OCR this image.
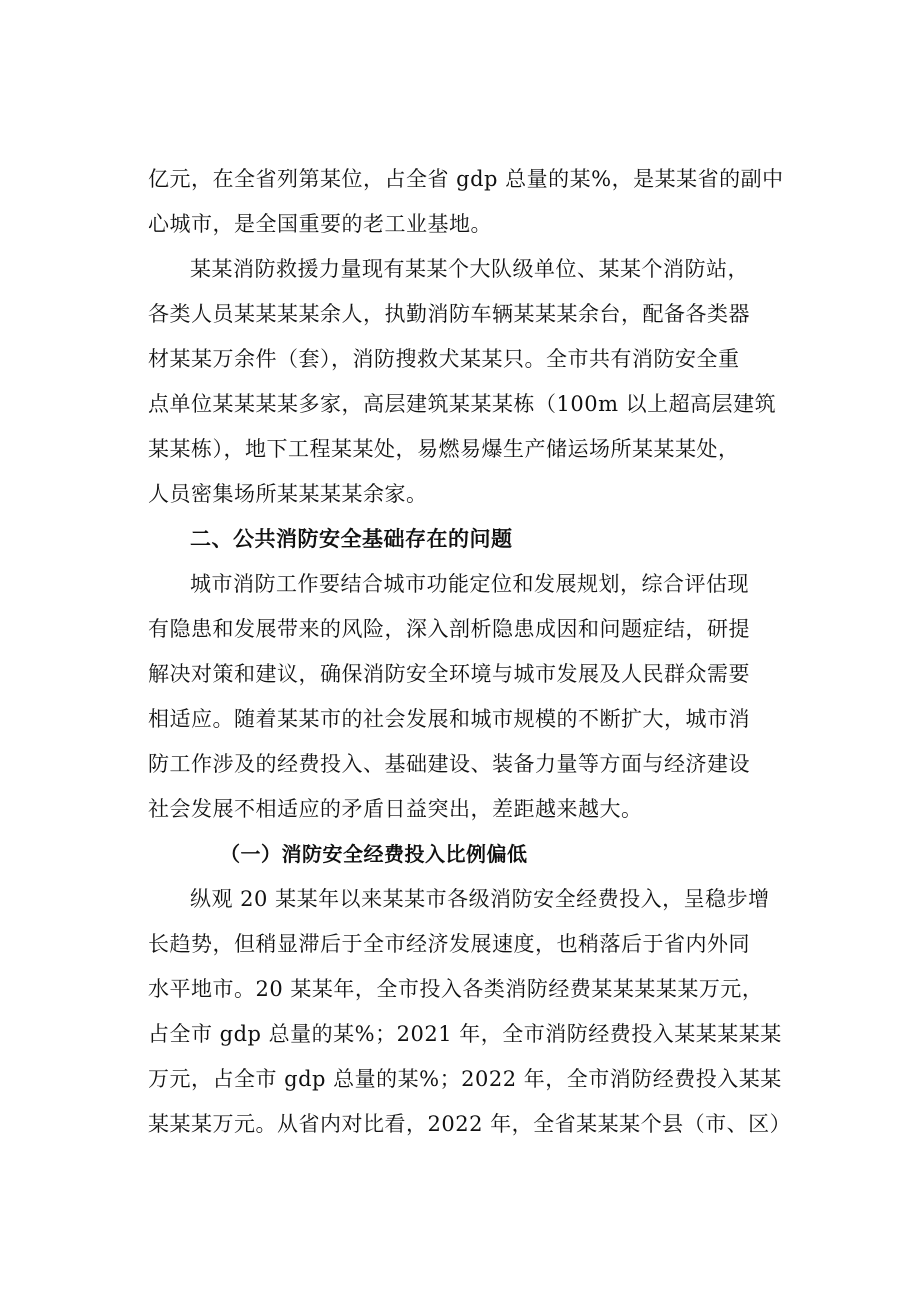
亿元，在全省列第某位，占全省 gdp 总量的某%，是某某省的副中
心城市，是全国重要的老工业基地。
某某消防救援力量现有某某个大队级单位、某某个消防站，
各类人员某某某某余人，执勤消防车辆某某某余台，配备各类器
材某某万余件（套），消防搜救犬某某只。全市共有消防安全重
点单位某某某某多家，高层建筑某某某栋（100m 以上超高层建筑
某某栋），地下工程某某处，易燃易爆生产储运场所某某某处，
人员密集场所某某某某余家。
二、公共消防安全基础存在的问题
城市消防工作要结合城市功能定位和发展规划，综合评估现
有隐患和发展带来的风险，深入剖析隐患成因和问题症结，研提
解决对策和建议，确保消防安全环境与城市发展及人民群众需要
相适应。随着某某市的社会发展和城市规模的不断扩大，城市消
防工作涉及的经费投入、基础建设、装备力量等方面与经济建设
社会发展不相适应的矛盾日益突出，差距越来越大。
（一）消防安全经费投入比例偏低
纵观 20 某某年以来某某市各级消防安全经费投入，呈稳步增
长趋势，但稍显滞后于全市经济发展速度，也稍落后于省内外同
水平地市。20 某某年，全市投入各类消防经费某某某某某万元，
占全市 gdp 总量的某%；2021 年，全市消防经费投入某某某某某
万元，占全市 gdp 总量的某%；2022 年，全市消防经费投入某某
某某某万元。从省内对比看，2022 年，全省某某某个县（市、区）
